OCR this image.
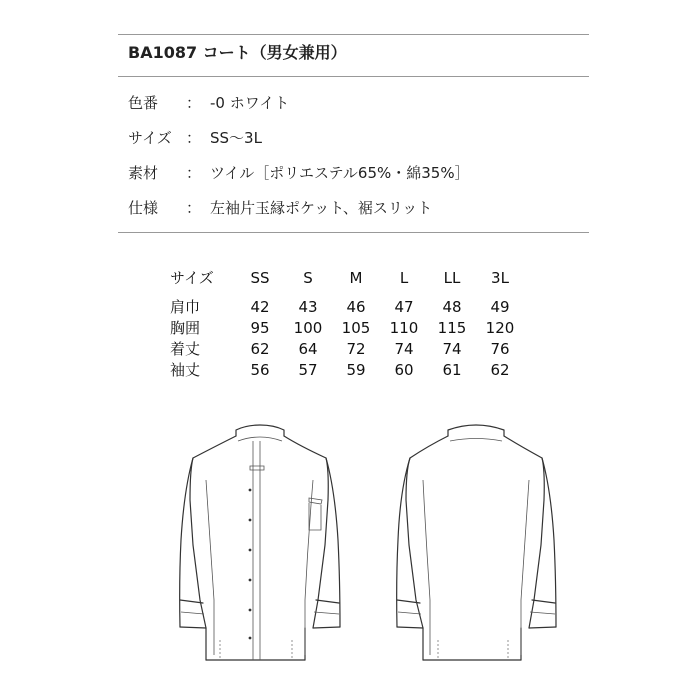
BA1087 コート（男女兼用）
色番 ： -0 ホワイト
サイズ ： SS～3L
素材 ： ツイル［ポリエステル65%・綿35%］
仕様 ： 左袖片玉縁ポケット、裾スリット
サイズ	SS	S	M	L	LL	3L
肩巾	42	43	46	47	48	49
胸囲	95	100	105	110	115	120
着丈	62	64	72	74	74	76
袖丈	56	57	59	60	61	62
